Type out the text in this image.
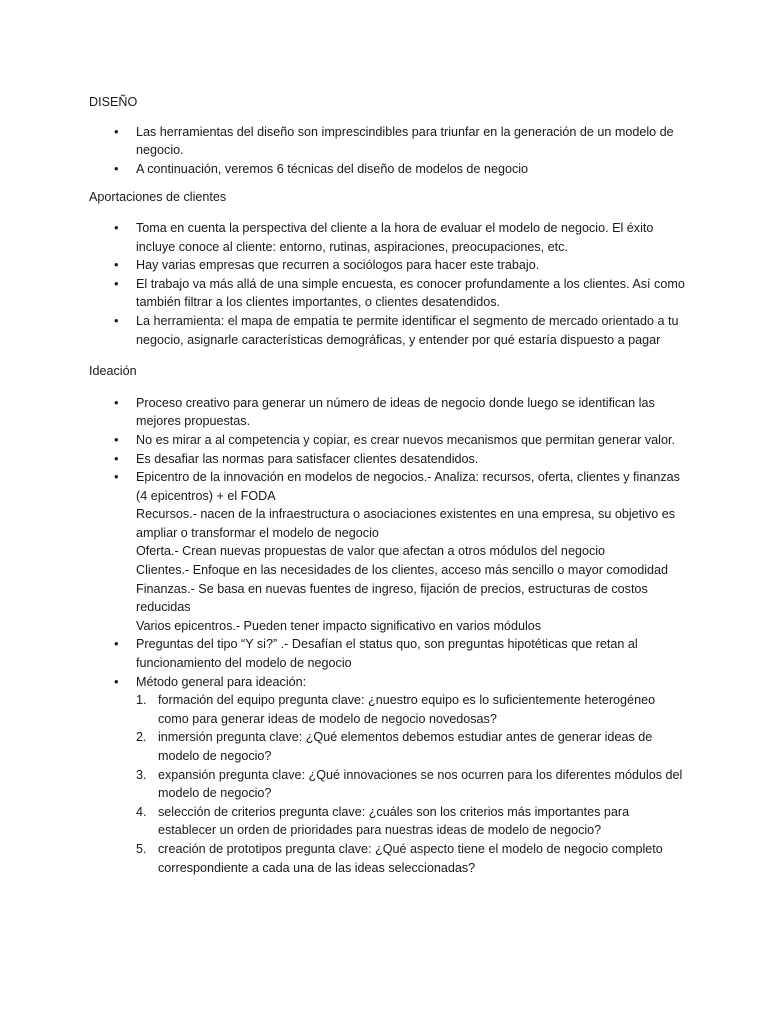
DISEÑO
• Las herramientas del diseño son imprescindibles para triunfar en la generación de un modelo de negocio.
• A continuación, veremos 6 técnicas del diseño de modelos de negocio
Aportaciones de clientes
• Toma en cuenta la perspectiva del cliente a la hora de evaluar el modelo de negocio. El éxito incluye conoce al cliente: entorno, rutinas, aspiraciones, preocupaciones, etc.
• Hay varias empresas que recurren a sociólogos para hacer este trabajo.
• El trabajo va más allá de una simple encuesta, es conocer profundamente a los clientes. Así como también filtrar a los clientes importantes, o clientes desatendidos.
• La herramienta: el mapa de empatía te permite identificar el segmento de mercado orientado a tu negocio, asignarle características demográficas, y entender por qué estaría dispuesto a pagar
Ideación
• Proceso creativo para generar un número de ideas de negocio donde luego se identifican las mejores propuestas.
• No es mirar a al competencia y copiar, es crear nuevos mecanismos que permitan generar valor.
• Es desafiar las normas para satisfacer clientes desatendidos.
• Epicentro de la innovación en modelos de negocios.- Analiza: recursos, oferta, clientes y finanzas (4 epicentros) + el FODA
Recursos.- nacen de la infraestructura o asociaciones existentes en una empresa, su objetivo es ampliar o transformar el modelo de negocio
Oferta.- Crean nuevas propuestas de valor que afectan a otros módulos del negocio
Clientes.- Enfoque en las necesidades de los clientes, acceso más sencillo o mayor comodidad
Finanzas.- Se basa en nuevas fuentes de ingreso, fijación de precios, estructuras de costos reducidas
Varios epicentros.- Pueden tener impacto significativo en varios módulos
• Preguntas del tipo “Y si?” .- Desafían el status quo, son preguntas hipotéticas que retan al funcionamiento del modelo de negocio
• Método general para ideación:
1. formación del equipo pregunta clave: ¿nuestro equipo es lo suficientemente heterogéneo como para generar ideas de modelo de negocio novedosas?
2. inmersión pregunta clave: ¿Qué elementos debemos estudiar antes de generar ideas de modelo de negocio?
3. expansión pregunta clave: ¿Qué innovaciones se nos ocurren para los diferentes módulos del modelo de negocio?
4. selección de criterios pregunta clave: ¿cuáles son los criterios más importantes para establecer un orden de prioridades para nuestras ideas de modelo de negocio?
5. creación de prototipos pregunta clave: ¿Qué aspecto tiene el modelo de negocio completo correspondiente a cada una de las ideas seleccionadas?
